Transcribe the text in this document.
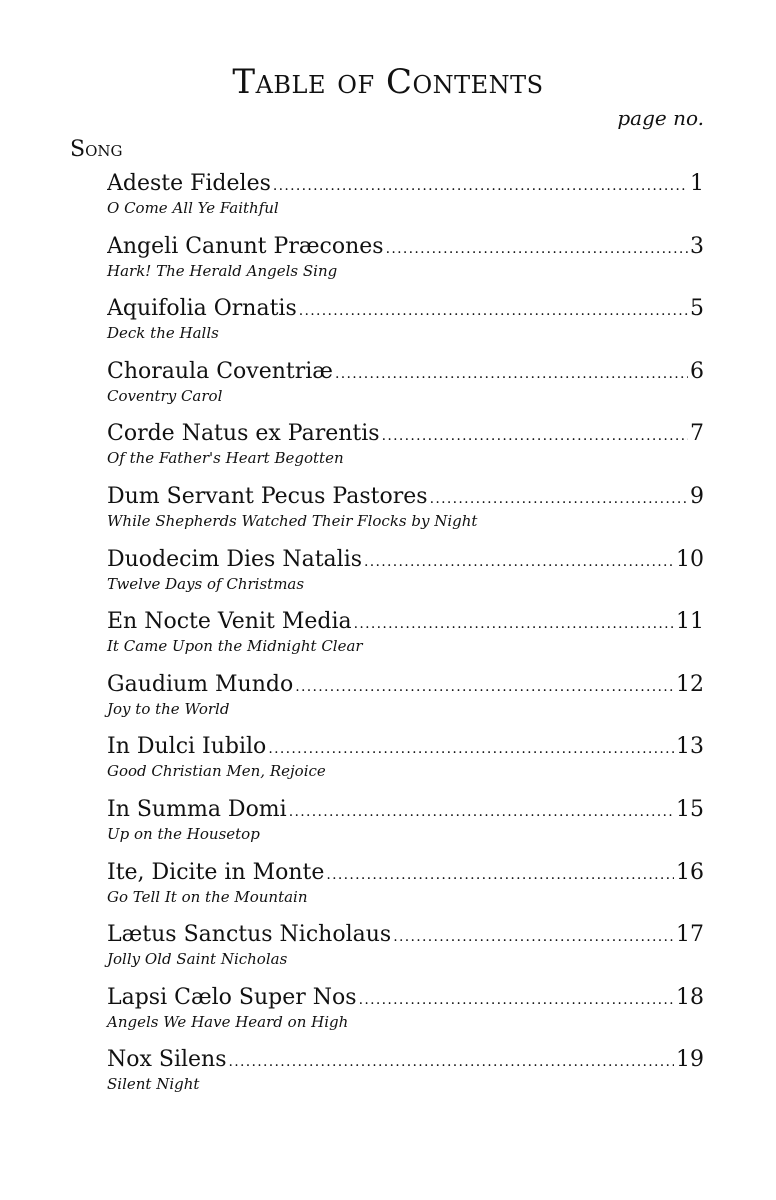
Table of Contents
page no.
Song
Adeste Fideles .....	1
O Come All Ye Faithful
Angeli Canunt Præcones .....	3
Hark! The Herald Angels Sing
Aquifolia Ornatis .....	5
Deck the Halls
Choraula Coventriæ .....	6
Coventry Carol
Corde Natus ex Parentis .....	7
Of the Father's Heart Begotten
Dum Servant Pecus Pastores .....	9
While Shepherds Watched Their Flocks by Night
Duodecim Dies Natalis .....	10
Twelve Days of Christmas
En Nocte Venit Media .....	11
It Came Upon the Midnight Clear
Gaudium Mundo .....	12
Joy to the World
In Dulci Iubilo .....	13
Good Christian Men, Rejoice
In Summa Domi .....	15
Up on the Housetop
Ite, Dicite in Monte .....	16
Go Tell It on the Mountain
Lætus Sanctus Nicholaus .....	17
Jolly Old Saint Nicholas
Lapsi Cælo Super Nos .....	18
Angels We Have Heard on High
Nox Silens .....	19
Silent Night
